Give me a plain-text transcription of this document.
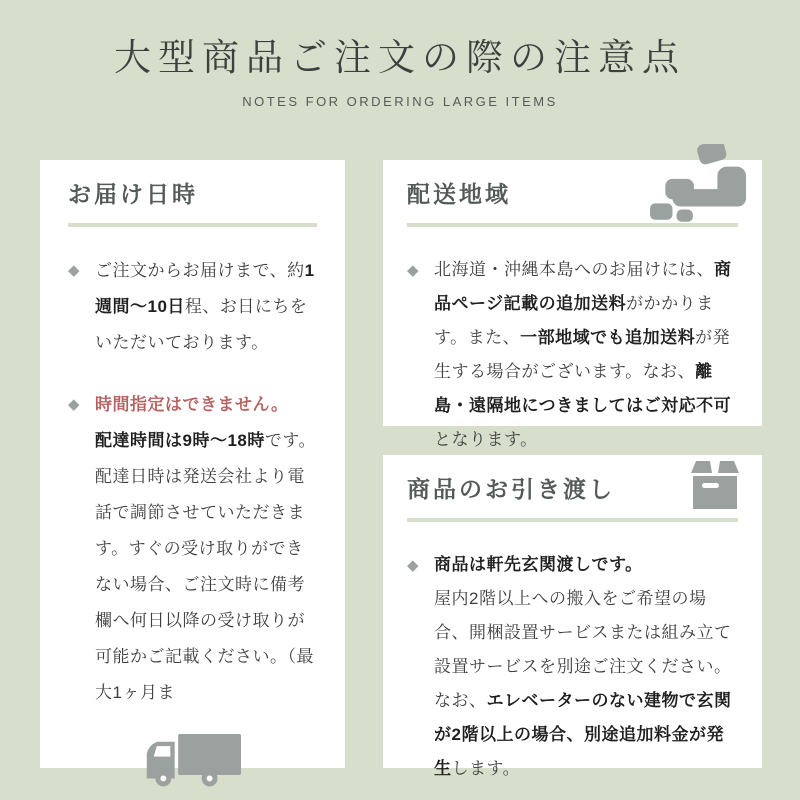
大型商品ご注文の際の注意点
NOTES FOR ORDERING LARGE ITEMS
お届け日時
◆ ご注文からお届けまで、約1週間〜10日程、お日にちをいただいております。
◆ 時間指定はできません。
配達時間は9時〜18時です。配達日時は発送会社より電話で調節させていただきます。すぐの受け取りができない場合、ご注文時に備考欄へ何日以降の受け取りが可能かご記載ください。（最大1ヶ月ま
配送地域
◆ 北海道・沖縄本島へのお届けには、商品ページ記載の追加送料がかかります。また、一部地域でも追加送料が発生する場合がございます。なお、離島・遠隔地につきましてはご対応不可となります。
商品のお引き渡し
◆ 商品は軒先玄関渡しです。
屋内2階以上への搬入をご希望の場合、開梱設置サービスまたは組み立て設置サービスを別途ご注文ください。なお、エレベーターのない建物で玄関が2階以上の場合、別途追加料金が発生します。
